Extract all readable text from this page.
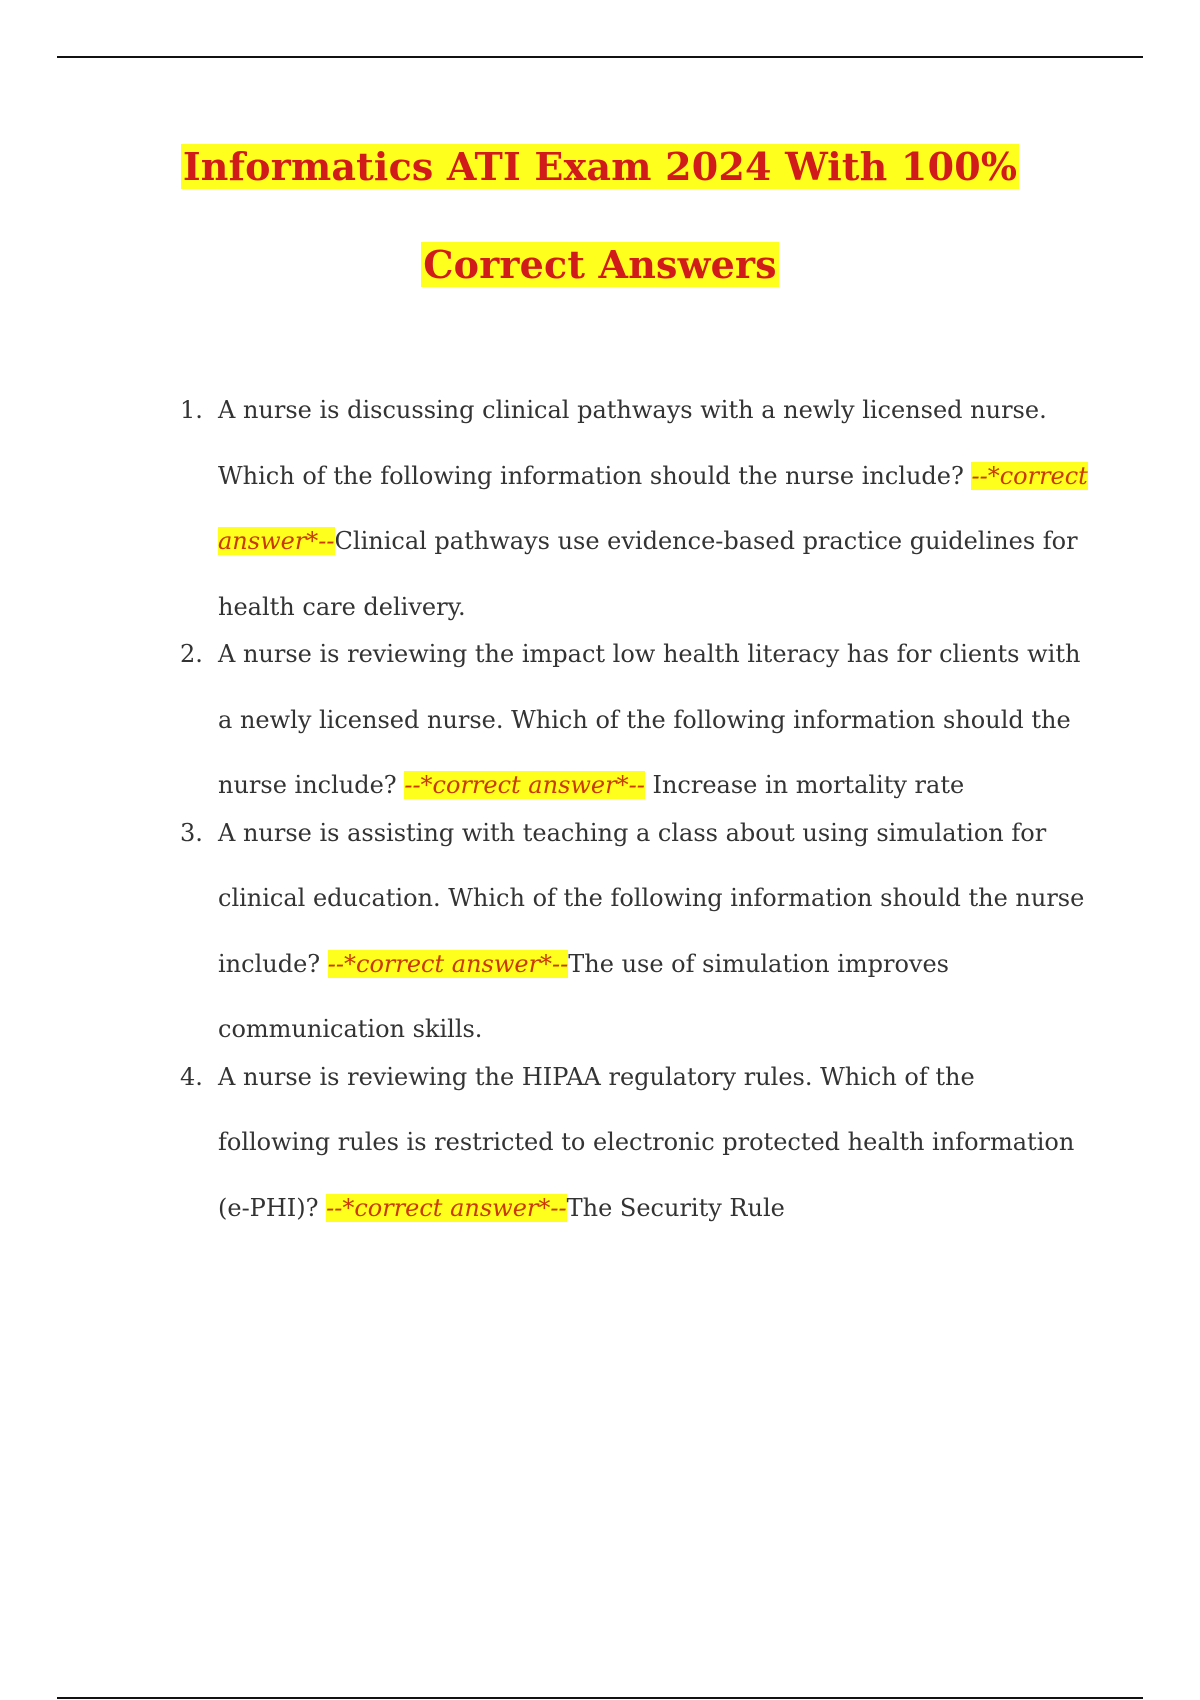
Informatics ATI Exam 2024 With 100%
Correct Answers
1. A nurse is discussing clinical pathways with a newly licensed nurse. Which of the following information should the nurse include? --*correct answer*--Clinical pathways use evidence-based practice guidelines for health care delivery.
2. A nurse is reviewing the impact low health literacy has for clients with a newly licensed nurse. Which of the following information should the nurse include? --*correct answer*-- Increase in mortality rate
3. A nurse is assisting with teaching a class about using simulation for clinical education. Which of the following information should the nurse include? --*correct answer*--The use of simulation improves communication skills.
4. A nurse is reviewing the HIPAA regulatory rules. Which of the following rules is restricted to electronic protected health information (e-PHI)? --*correct answer*--The Security Rule
